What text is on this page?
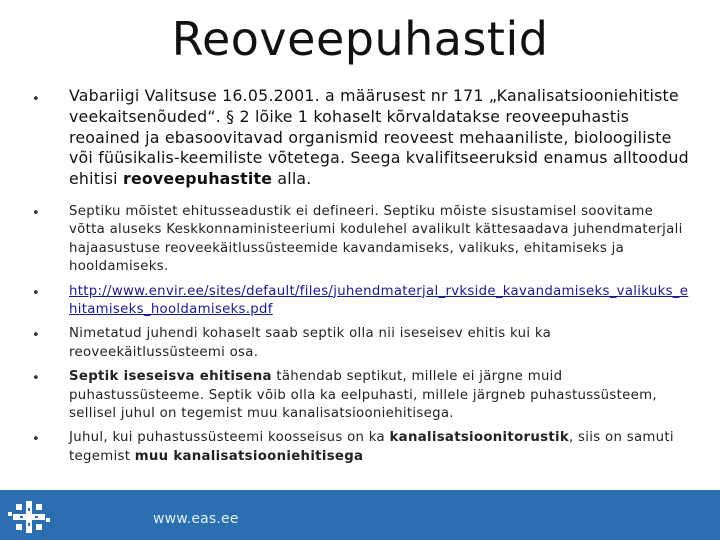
Reoveepuhastid
• Vabariigi Valitsuse 16.05.2001. a määrusest nr 171 „Kanalisatsiooniehitiste veekaitsenõuded“. § 2 lõike 1 kohaselt kõrvaldatakse reoveepuhastis reoained ja ebasoovitavad organismid reoveest mehaaniliste, bioloogiliste või füüsikalis-keemiliste võtetega. Seega kvalifitseeruksid enamus alltoodud ehitisi reoveepuhastite alla.
• Septiku mõistet ehitusseadustik ei defineeri. Septiku mõiste sisustamisel soovitame võtta aluseks Keskkonnaministeeriumi kodulehel avalikult kättesaadava juhendmaterjali hajaasustuse reoveekäitlussüsteemide kavandamiseks, valikuks, ehitamiseks ja hooldamiseks.
• http://www.envir.ee/sites/default/files/juhendmaterjal_rvkside_kavandamiseks_valikuks_ehitamiseks_hooldamiseks.pdf
• Nimetatud juhendi kohaselt saab septik olla nii iseseisev ehitis kui ka reoveekäitlussüsteemi osa.
• Septik iseseisva ehitisena tähendab septikut, millele ei järgne muid puhastussüsteeme. Septik võib olla ka eelpuhasti, millele järgneb puhastussüsteem, sellisel juhul on tegemist muu kanalisatsiooniehitisega.
• Juhul, kui puhastussüsteemi koosseisus on ka kanalisatsioonitorustik, siis on samuti tegemist muu kanalisatsiooniehitisega
www.eas.ee
